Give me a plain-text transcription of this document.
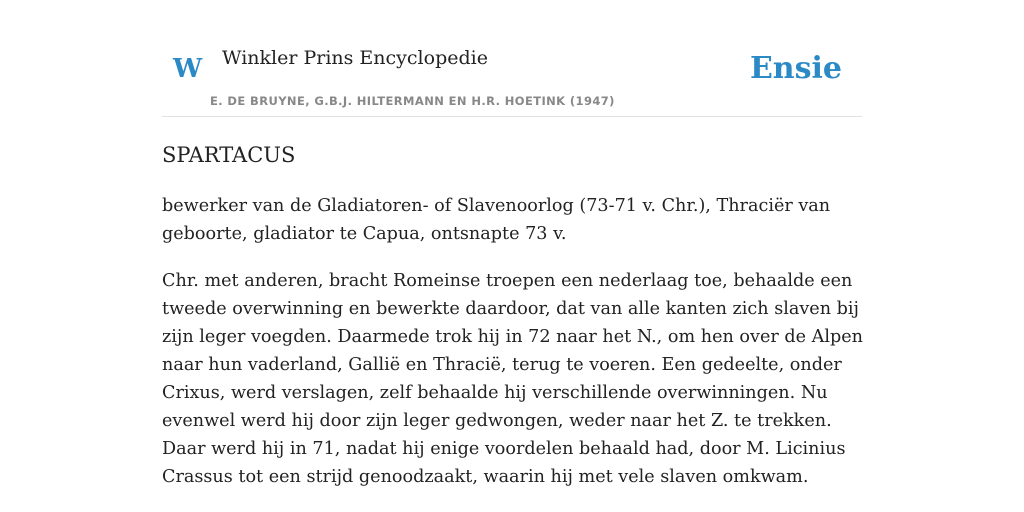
W Winkler Prins Encyclopedie
E. DE BRUYNE, G.B.J. HILTERMANN EN H.R. HOETINK (1947)
Ensie
SPARTACUS

bewerker van de Gladiatoren- of Slavenoorlog (73-71 v. Chr.), Thraciër van geboorte, gladiator te Capua, ontsnapte 73 v.

Chr. met anderen, bracht Romeinse troepen een nederlaag toe, behaalde een tweede overwinning en bewerkte daardoor, dat van alle kanten zich slaven bij zijn leger voegden. Daarmede trok hij in 72 naar het N., om hen over de Alpen naar hun vaderland, Gallië en Thracië, terug te voeren. Een gedeelte, onder Crixus, werd verslagen, zelf behaalde hij verschillende overwinningen. Nu evenwel werd hij door zijn leger gedwongen, weder naar het Z. te trekken. Daar werd hij in 71, nadat hij enige voordelen behaald had, door M. Licinius Crassus tot een strijd genoodzaakt, waarin hij met vele slaven omkwam.
